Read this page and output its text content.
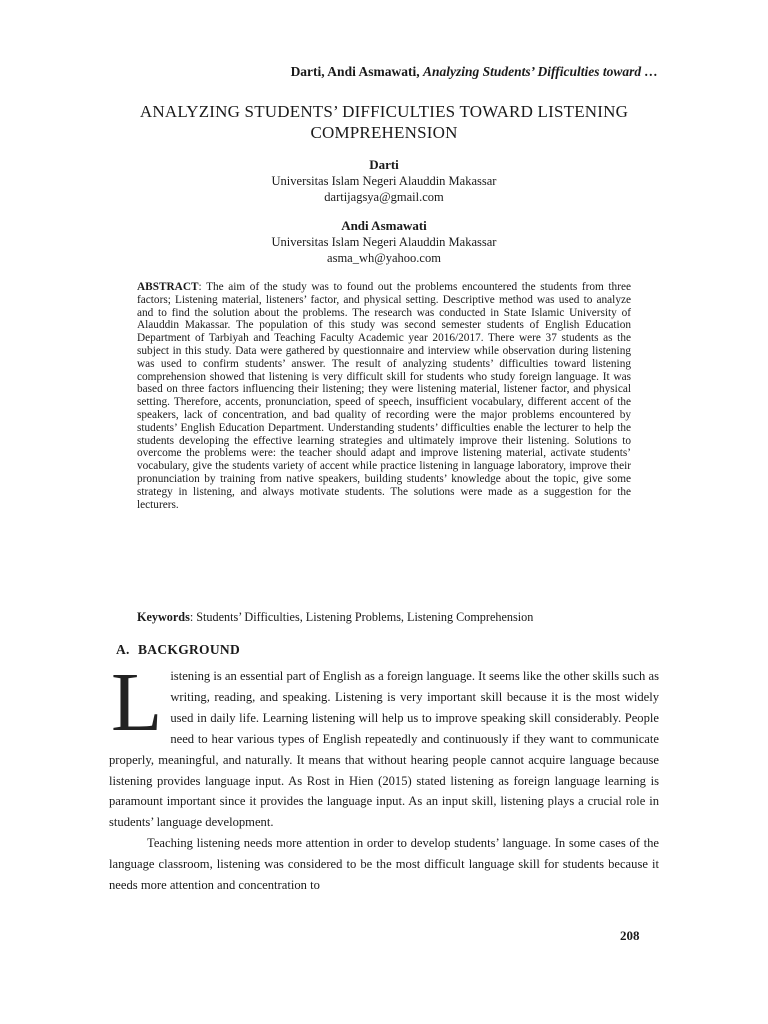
Darti, Andi Asmawati, Analyzing Students’ Difficulties toward …
ANALYZING STUDENTS’ DIFFICULTIES TOWARD LISTENING COMPREHENSION
Darti
Universitas Islam Negeri Alauddin Makassar
dartijagsya@gmail.com
Andi Asmawati
Universitas Islam Negeri Alauddin Makassar
asma_wh@yahoo.com
ABSTRACT: The aim of the study was to found out the problems encountered the students from three factors; Listening material, listeners’ factor, and physical setting. Descriptive method was used to analyze and to find the solution about the problems. The research was conducted in State Islamic University of Alauddin Makassar. The population of this study was second semester students of English Education Department of Tarbiyah and Teaching Faculty Academic year 2016/2017. There were 37 students as the subject in this study. Data were gathered by questionnaire and interview while observation during listening was used to confirm students’ answer. The result of analyzing students’ difficulties toward listening comprehension showed that listening is very difficult skill for students who study foreign language. It was based on three factors influencing their listening; they were listening material, listener factor, and physical setting. Therefore, accents, pronunciation, speed of speech, insufficient vocabulary, different accent of the speakers, lack of concentration, and bad quality of recording were the major problems encountered by students’ English Education Department. Understanding students’ difficulties enable the lecturer to help the students developing the effective learning strategies and ultimately improve their listening. Solutions to overcome the problems were: the teacher should adapt and improve listening material, activate students’ vocabulary, give the students variety of accent while practice listening in language laboratory, improve their pronunciation by training from native speakers, building students’ knowledge about the topic, give some strategy in listening, and always motivate students. The solutions were made as a suggestion for the lecturers.
Keywords: Students’ Difficulties, Listening Problems, Listening Comprehension
A. BACKGROUND

Listening is an essential part of English as a foreign language. It seems like the other skills such as writing, reading, and speaking. Listening is very important skill because it is the most widely used in daily life. Learning listening will help us to improve speaking skill considerably. People need to hear various types of English repeatedly and continuously if they want to communicate properly, meaningful, and naturally. It means that without hearing people cannot acquire language because listening provides language input. As Rost in Hien (2015) stated listening as foreign language learning is paramount important since it provides the language input. As an input skill, listening plays a crucial role in students’ language development.

Teaching listening needs more attention in order to develop students’ language. In some cases of the language classroom, listening was considered to be the most difficult language skill for students because it needs more attention and concentration to

208
